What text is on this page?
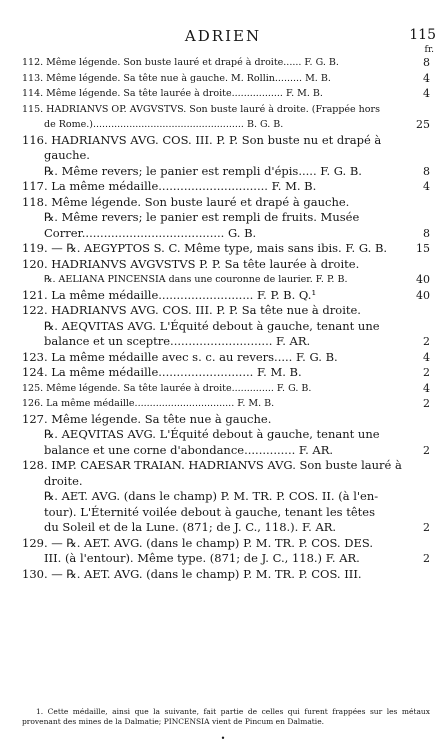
ADRIEN	115
fr.
112. Même légende. Son buste lauré et drapé à droite...... F. G. B.	8
113. Même légende. Sa tête nue à gauche. M. Rollin......... M. B.	4
114. Même légende. Sa tête laurée à droite................. F. M. B.	4
115. HADRIANVS OP. AVGVSTVS. Son buste lauré à droite. (Frappée hors
de Rome.).................................................. B. G. B.	25
116. HADRIANVS AVG. COS. III. P. P. Son buste nu et drapé à
gauche.
℞. Même revers; le panier est rempli d'épis..... F. G. B.	8
117. La même médaille.............................. F. M. B.	4
118. Même légende. Son buste lauré et drapé à gauche.
℞. Même revers; le panier est rempli de fruits. Musée
Correr....................................... G. B.	8
119. — ℞. AEGYPTOS S. C. Même type, mais sans ibis. F. G. B.	15
120. HADRIANVS AVGVSTVS P. P. Sa tête laurée à droite.
℞. AELIANA PINCENSIA dans une couronne de laurier. F. P. B.	40
121. La même médaille.......................... F. P. B. Q.¹	40
122. HADRIANVS AVG. COS. III. P. P. Sa tête nue à droite.
℞. AEQVITAS AVG. L'Équité debout à gauche, tenant une
balance et un sceptre............................ F. AR.	2
123. La même médaille avec s. c. au revers..... F. G. B.	4
124. La même médaille.......................... F. M. B.	2
125. Même légende. Sa tête laurée à droite.............. F. G. B.	4
126. La même médaille................................. F. M. B.	2
127. Même légende. Sa tête nue à gauche.
℞. AEQVITAS AVG. L'Équité debout à gauche, tenant une
balance et une corne d'abondance.............. F. AR.	2
128. IMP. CAESAR TRAIAN. HADRIANVS AVG. Son buste lauré à
droite.
℞. AET. AVG. (dans le champ) P. M. TR. P. COS. II. (à l'en-
tour). L'Éternité voilée debout à gauche, tenant les têtes
du Soleil et de la Lune. (871; de J. C., 118.). F. AR.	2
129. — ℞. AET. AVG. (dans le champ) P. M. TR. P. COS. DES.
III. (à l'entour). Même type. (871; de J. C., 118.) F. AR.	2
130. — ℞. AET. AVG. (dans le champ) P. M. TR. P. COS. III.

1. Cette médaille, ainsi que la suivante, fait partie de celles qui furent frappées sur les métaux provenant des mines de la Dalmatie; PINCENSIA vient de Pincum en Dalmatie.

•
